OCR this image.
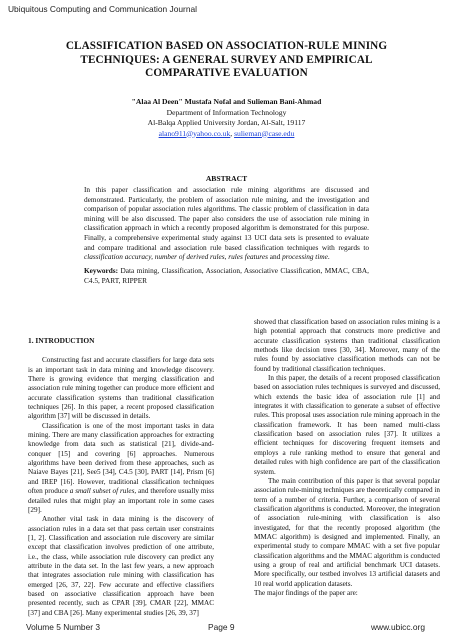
Ubiquitous Computing and Communication Journal
CLASSIFICATION BASED ON ASSOCIATION-RULE MINING TECHNIQUES: A GENERAL SURVEY AND EMPIRICAL COMPARATIVE EVALUATION
"Alaa Al Deen" Mustafa Nofal and Sulieman Bani-Ahmad
Department of Information Technology
Al-Balqa Applied University Jordan, Al-Salt, 19117
alano911@yahoo.co.uk, sulieman@case.edu
ABSTRACT
In this paper classification and association rule mining algorithms are discussed and demonstrated. Particularly, the problem of association rule mining, and the investigation and comparison of popular association rules algorithms. The classic problem of classification in data mining will be also discussed. The paper also considers the use of association rule mining in classification approach in which a recently proposed algorithm is demonstrated for this purpose. Finally, a comprehensive experimental study against 13 UCI data sets is presented to evaluate and compare traditional and association rule based classification techniques with regards to classification accuracy, number of derived rules, rules features and processing time.
Keywords: Data mining, Classification, Association, Associative Classification, MMAC, CBA, C4.5, PART, RIPPER
1. INTRODUCTION

Constructing fast and accurate classifiers for large data sets is an important task in data mining and knowledge discovery. There is growing evidence that merging classification and association rule mining together can produce more efficient and accurate classification systems than traditional classification techniques [26]. In this paper, a recent proposed classification algorithm [37] will be discussed in details.

Classification is one of the most important tasks in data mining. There are many classification approaches for extracting knowledge from data such as statistical [21], divide-and-conquer [15] and covering [6] approaches. Numerous algorithms have been derived from these approaches, such as Naiave Bayes [21], See5 [34], C4.5 [30], PART [14], Prism [6] and IREP [16]. However, traditional classification techniques often produce a small subset of rules, and therefore usually miss detailed rules that might play an important role in some cases [29].

Another vital task in data mining is the discovery of association rules in a data set that pass certain user constraints [1, 2]. Classification and association rule discovery are similar except that classification involves prediction of one attribute, i.e., the class, while association rule discovery can predict any attribute in the data set. In the last few years, a new approach that integrates association rule mining with classification has emerged [26, 37, 22]. Few accurate and effective classifiers based on associative classification approach have been presented recently, such as CPAR [39], CMAR [22], MMAC [37] and CBA [26]. Many experimental studies [26, 39, 37]

showed that classification based on association rules mining is a high potential approach that constructs more predictive and accurate classification systems than traditional classification methods like decision trees [30, 34]. Moreover, many of the rules found by associative classification methods can not be found by traditional classification techniques.

In this paper, the details of a recent proposed classification based on association rules techniques is surveyed and discussed, which extends the basic idea of association rule [1] and integrates it with classification to generate a subset of effective rules. This proposal uses association rule mining approach in the classification framework. It has been named multi-class classification based on association rules [37]. It utilizes a efficient techniques for discovering frequent itemsets and employs a rule ranking method to ensure that general and detailed rules with high confidence are part of the classification system.

The main contribution of this paper is that several popular association rule-mining techniques are theoretically compared in term of a number of criteria. Further, a comparison of several classification algorithms is conducted. Moreover, the integration of association rule-mining with classification is also investigated, for that the recently proposed algorithm (the MMAC algorithm) is designed and implemented. Finally, an experimental study to compare MMAC with a set five popular classification algorithms and the MMAC algorithm is conducted using a group of real and artificial benchmark UCI datasets. More specifically, our testbed involves 13 artificial datasets and 10 real world application datasets.

The major findings of the paper are:

Volume 5 Number 3	Page 9	www.ubicc.org
